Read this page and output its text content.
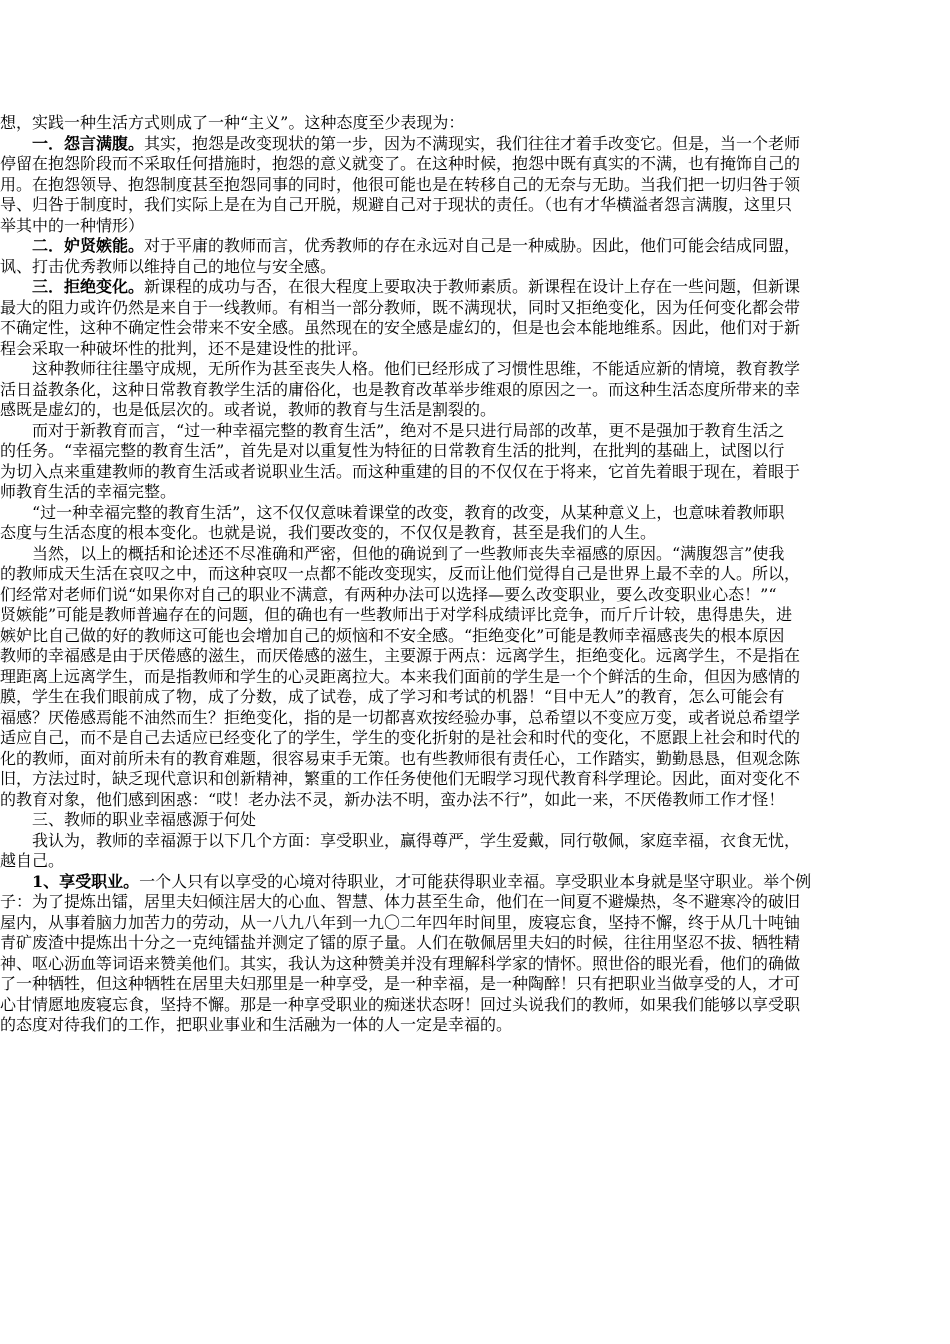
想，实践一种生活方式则成了一种“主义”。这种态度至少表现为：
一．怨言满腹。其实，抱怨是改变现状的第一步，因为不满现实，我们往往才着手改变它。但是，当一个老师
停留在抱怨阶段而不采取任何措施时，抱怨的意义就变了。在这种时候，抱怨中既有真实的不满，也有掩饰自己的
用。在抱怨领导、抱怨制度甚至抱怨同事的同时，他很可能也是在转移自己的无奈与无助。当我们把一切归咎于领
导、归咎于制度时，我们实际上是在为自己开脱，规避自己对于现状的责任。（也有才华横溢者怨言满腹，这里只
举其中的一种情形）
二．妒贤嫉能。对于平庸的教师而言，优秀教师的存在永远对自己是一种威胁。因此，他们可能会结成同盟，
讽、打击优秀教师以维持自己的地位与安全感。
三．拒绝变化。新课程的成功与否，在很大程度上要取决于教师素质。新课程在设计上存在一些问题，但新课
最大的阻力或许仍然是来自于一线教师。有相当一部分教师，既不满现状，同时又拒绝变化，因为任何变化都会带
不确定性，这种不确定性会带来不安全感。虽然现在的安全感是虚幻的，但是也会本能地维系。因此，他们对于新
程会采取一种破坏性的批判，还不是建设性的批评。
这种教师往往墨守成规，无所作为甚至丧失人格。他们已经形成了习惯性思维，不能适应新的情境，教育教学
活日益教条化，这种日常教育教学生活的庸俗化，也是教育改革举步维艰的原因之一。而这种生活态度所带来的幸
感既是虚幻的，也是低层次的。或者说，教师的教育与生活是割裂的。
而对于新教育而言，“过一种幸福完整的教育生活”，绝对不是只进行局部的改革，更不是强加于教育生活之
的任务。“幸福完整的教育生活”，首先是对以重复性为特征的日常教育生活的批判，在批判的基础上，试图以行
为切入点来重建教师的教育生活或者说职业生活。而这种重建的目的不仅仅在于将来，它首先着眼于现在，着眼于
师教育生活的幸福完整。
“过一种幸福完整的教育生活”，这不仅仅意味着课堂的改变，教育的改变，从某种意义上，也意味着教师职
态度与生活态度的根本变化。也就是说，我们要改变的，不仅仅是教育，甚至是我们的人生。
当然，以上的概括和论述还不尽准确和严密，但他的确说到了一些教师丧失幸福感的原因。“满腹怨言”使我
的教师成天生活在哀叹之中，而这种哀叹一点都不能改变现实，反而让他们觉得自己是世界上最不幸的人。所以，
们经常对老师们说“如果你对自己的职业不满意，有两种办法可以选择—要么改变职业，要么改变职业心态！”“
贤嫉能”可能是教师普遍存在的问题，但的确也有一些教师出于对学科成绩评比竞争，而斤斤计较，患得患失，进
嫉妒比自己做的好的教师这可能也会增加自己的烦恼和不安全感。“拒绝变化”可能是教师幸福感丧失的根本原因
教师的幸福感是由于厌倦感的滋生，而厌倦感的滋生，主要源于两点：远离学生，拒绝变化。远离学生，不是指在
理距离上远离学生，而是指教师和学生的心灵距离拉大。本来我们面前的学生是一个个鲜活的生命，但因为感情的
膜，学生在我们眼前成了物，成了分数，成了试卷，成了学习和考试的机器！“目中无人”的教育，怎么可能会有
福感？厌倦感焉能不油然而生？拒绝变化，指的是一切都喜欢按经验办事，总希望以不变应万变，或者说总希望学
适应自己，而不是自己去适应已经变化了的学生，学生的变化折射的是社会和时代的变化，不愿跟上社会和时代的
化的教师，面对前所未有的教育难题，很容易束手无策。也有些教师很有责任心，工作踏实，勤勤恳恳，但观念陈
旧，方法过时，缺乏现代意识和创新精神，繁重的工作任务使他们无暇学习现代教育科学理论。因此，面对变化不
的教育对象，他们感到困惑：“哎！老办法不灵，新办法不明，蛮办法不行”，如此一来，不厌倦教师工作才怪！
三、教师的职业幸福感源于何处
我认为，教师的幸福源于以下几个方面：享受职业，赢得尊严，学生爱戴，同行敬佩，家庭幸福，衣食无忧，
越自己。
1、享受职业。一个人只有以享受的心境对待职业，才可能获得职业幸福。享受职业本身就是坚守职业。举个例
子：为了提炼出镭，居里夫妇倾注居大的心血、智慧、体力甚至生命，他们在一间夏不避燥热，冬不避寒冷的破旧
屋内，从事着脑力加苦力的劳动，从一八九八年到一九〇二年四年时间里，废寝忘食，坚持不懈，终于从几十吨铀
青矿废渣中提炼出十分之一克纯镭盐并测定了镭的原子量。人们在敬佩居里夫妇的时候，往往用坚忍不拔、牺牲精
神、呕心沥血等词语来赞美他们。其实，我认为这种赞美并没有理解科学家的情怀。照世俗的眼光看，他们的确做
了一种牺牲，但这种牺牲在居里夫妇那里是一种享受，是一种幸福，是一种陶醉！只有把职业当做享受的人，才可
心甘情愿地废寝忘食，坚持不懈。那是一种享受职业的痴迷状态呀！回过头说我们的教师，如果我们能够以享受职
的态度对待我们的工作，把职业事业和生活融为一体的人一定是幸福的。
